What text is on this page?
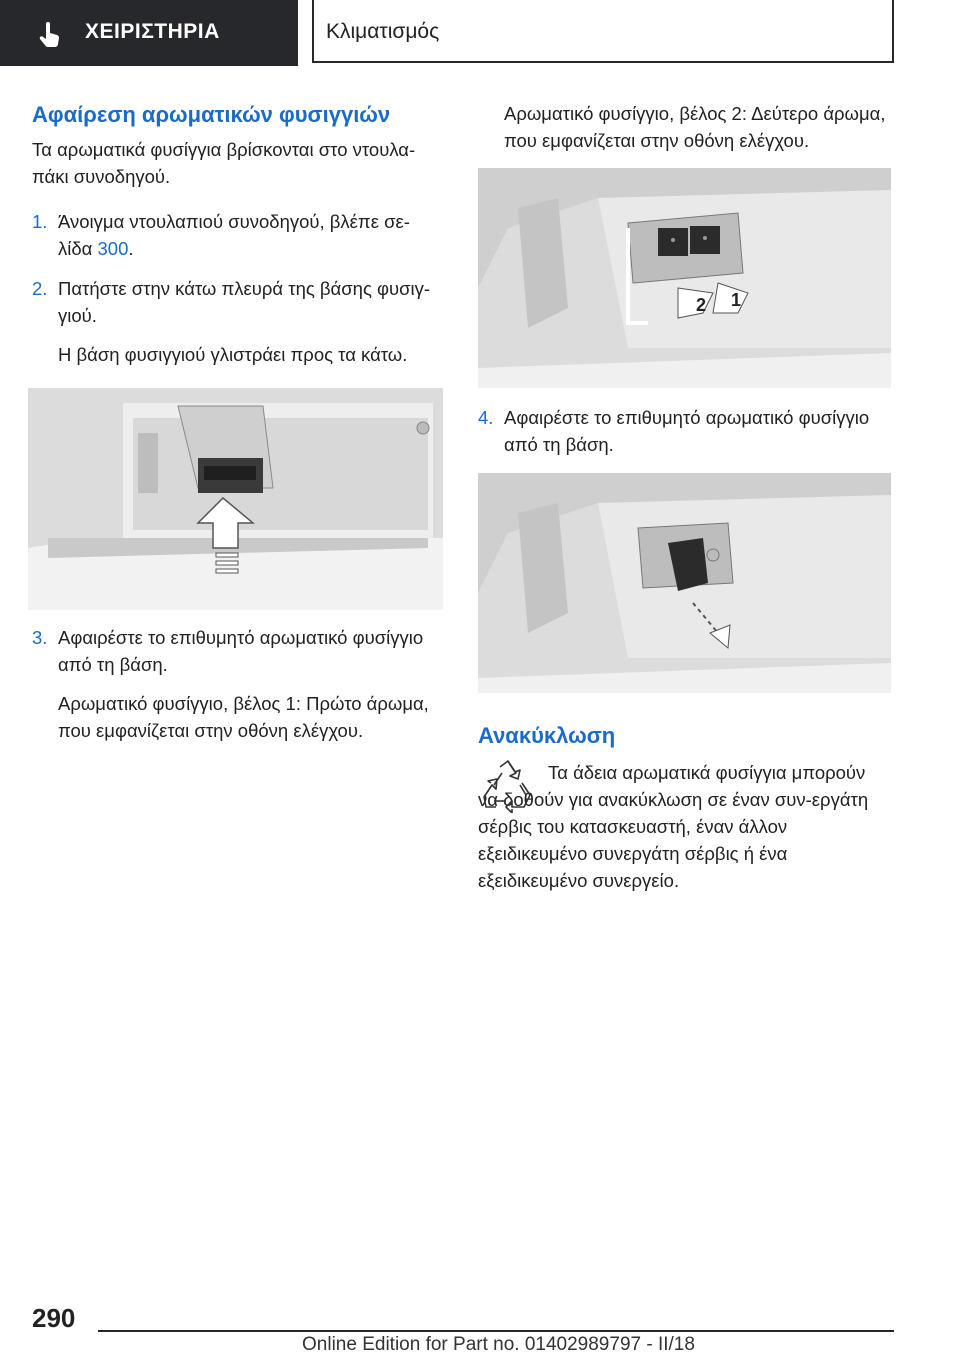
ΧΕΙΡΙΣΤΗΡΙΑ	Κλιματισμός
Αφαίρεση αρωματικών φυσιγγιών

Τα αρωματικά φυσίγγια βρίσκονται στο ντουλα-πάκι συνοδηγού.

1. Άνοιγμα ντουλαπιού συνοδηγού, βλέπε σε-λίδα 300.
2. Πατήστε στην κάτω πλευρά της βάσης φυσιγ-γιού.

Η βάση φυσιγγιού γλιστράει προς τα κάτω.

3. Αφαιρέστε το επιθυμητό αρωματικό φυσίγγιο από τη βάση.

Αρωματικό φυσίγγιο, βέλος 1: Πρώτο άρωμα, που εμφανίζεται στην οθόνη ελέγχου.

Αρωματικό φυσίγγιο, βέλος 2: Δεύτερο άρωμα, που εμφανίζεται στην οθόνη ελέγχου.

2 1
4. Αφαιρέστε το επιθυμητό αρωματικό φυσίγγιο από τη βάση.

Ανακύκλωση

Τα άδεια αρωματικά φυσίγγια μπορούν να δοθούν για ανακύκλωση σε έναν συν-εργάτη σέρβις του κατασκευαστή, έναν άλλον εξειδικευμένο συνεργάτη σέρβις ή ένα εξειδικευμένο συνεργείο.

290
Online Edition for Part no. 01402989797 - II/18
